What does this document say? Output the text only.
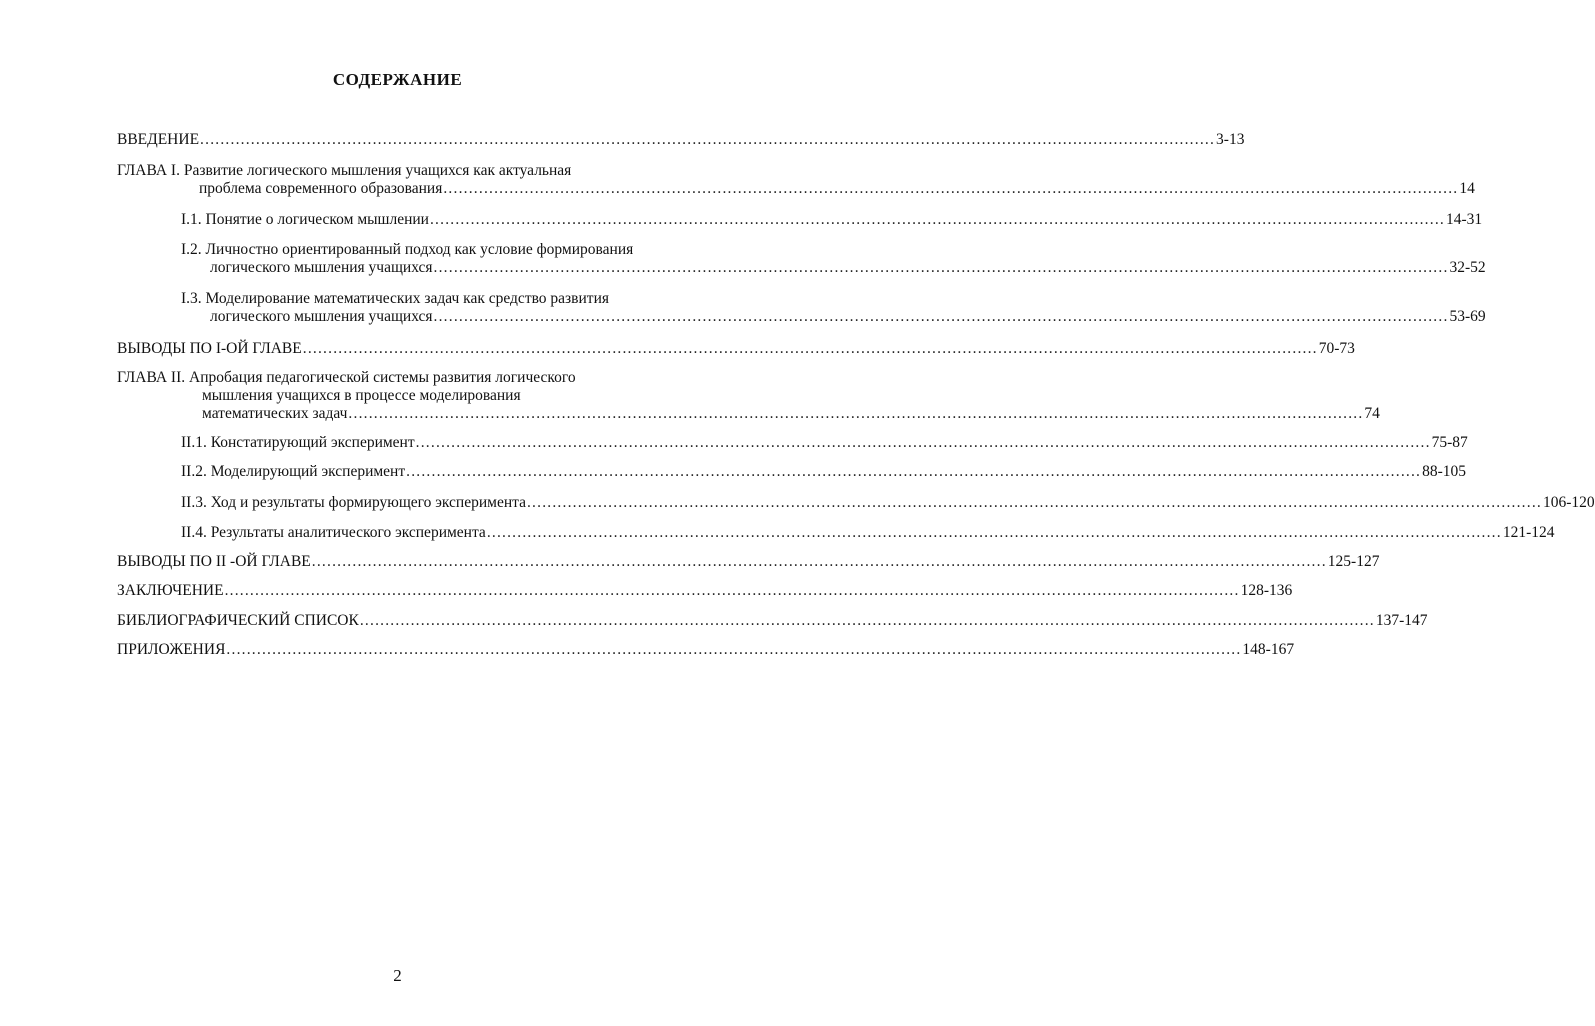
СОДЕРЖАНИЕ
ВВЕДЕНИЕ ........................................................................................................................................................................................................ 3-13
ГЛАВА I. Развитие логического мышления учащихся как актуальная
проблема современного образования ........................................................................................................................................................................................................ 14
I.1. Понятие о логическом мышлении ........................................................................................................................................................................................................ 14-31
I.2. Личностно ориентированный подход как условие формирования
логического мышления учащихся ........................................................................................................................................................................................................ 32-52
I.3. Моделирование математических задач как средство развития
логического мышления учащихся ........................................................................................................................................................................................................ 53-69
ВЫВОДЫ ПО I-ОЙ ГЛАВЕ ........................................................................................................................................................................................................ 70-73
ГЛАВА II. Апробация педагогической системы развития логического
мышления учащихся в процессе моделирования
математических задач ........................................................................................................................................................................................................ 74
II.1. Констатирующий эксперимент ........................................................................................................................................................................................................ 75-87
II.2. Моделирующий эксперимент ........................................................................................................................................................................................................ 88-105
II.3. Ход и результаты формирующего эксперимента ........................................................................................................................................................................................................ 106-120
II.4. Результаты аналитического эксперимента ........................................................................................................................................................................................................ 121-124
ВЫВОДЫ ПО II -ОЙ ГЛАВЕ ........................................................................................................................................................................................................ 125-127
ЗАКЛЮЧЕНИЕ ........................................................................................................................................................................................................ 128-136
БИБЛИОГРАФИЧЕСКИЙ СПИСОК ........................................................................................................................................................................................................ 137-147
ПРИЛОЖЕНИЯ ........................................................................................................................................................................................................ 148-167
2
